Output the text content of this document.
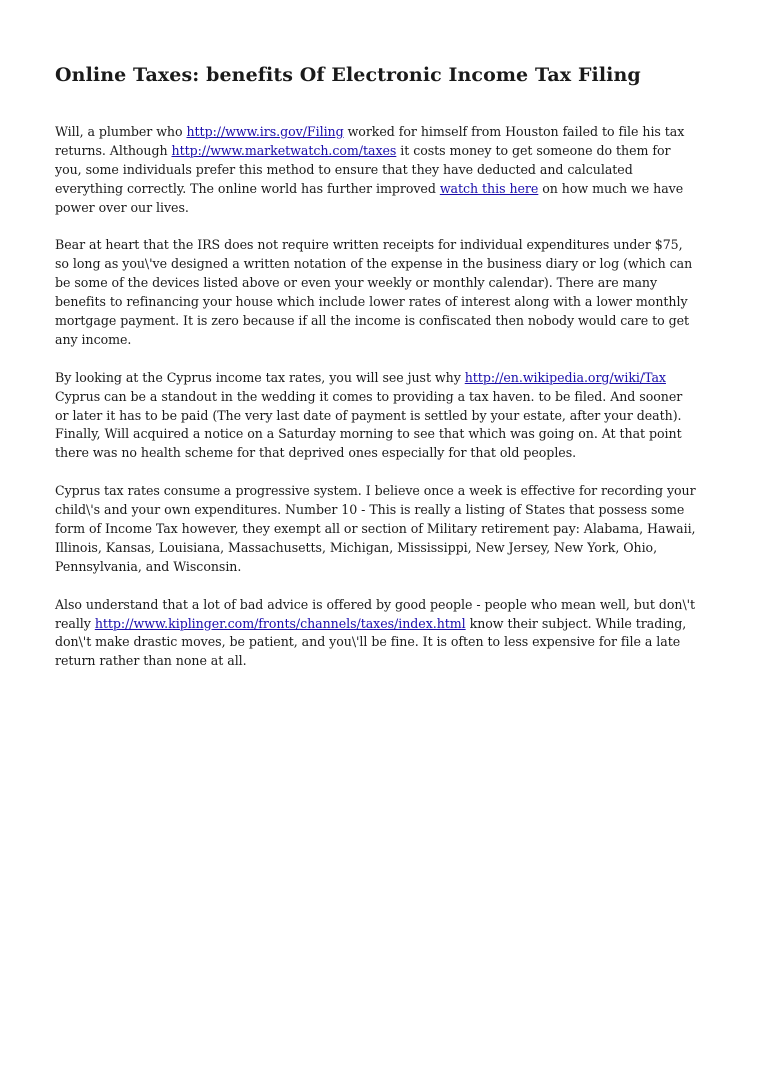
Online Taxes: benefits Of Electronic Income Tax Filing

Will, a plumber who http://www.irs.gov/Filing worked for himself from Houston failed to file his tax
returns. Although http://www.marketwatch.com/taxes it costs money to get someone do them for
you, some individuals prefer this method to ensure that they have deducted and calculated
everything correctly. The online world has further improved watch this here on how much we have
power over our lives.

Bear at heart that the IRS does not require written receipts for individual expenditures under $75,
so long as you\'ve designed a written notation of the expense in the business diary or log (which can
be some of the devices listed above or even your weekly or monthly calendar). There are many
benefits to refinancing your house which include lower rates of interest along with a lower monthly
mortgage payment. It is zero because if all the income is confiscated then nobody would care to get
any income.

By looking at the Cyprus income tax rates, you will see just why http://en.wikipedia.org/wiki/Tax
Cyprus can be a standout in the wedding it comes to providing a tax haven. to be filed. And sooner
or later it has to be paid (The very last date of payment is settled by your estate, after your death).
Finally, Will acquired a notice on a Saturday morning to see that which was going on. At that point
there was no health scheme for that deprived ones especially for that old peoples.

Cyprus tax rates consume a progressive system. I believe once a week is effective for recording your
child\'s and your own expenditures. Number 10 - This is really a listing of States that possess some
form of Income Tax however, they exempt all or section of Military retirement pay: Alabama, Hawaii,
Illinois, Kansas, Louisiana, Massachusetts, Michigan, Mississippi, New Jersey, New York, Ohio,
Pennsylvania, and Wisconsin.

Also understand that a lot of bad advice is offered by good people - people who mean well, but don\'t
really http://www.kiplinger.com/fronts/channels/taxes/index.html know their subject. While trading,
don\'t make drastic moves, be patient, and you\'ll be fine. It is often to less expensive for file a late
return rather than none at all.
